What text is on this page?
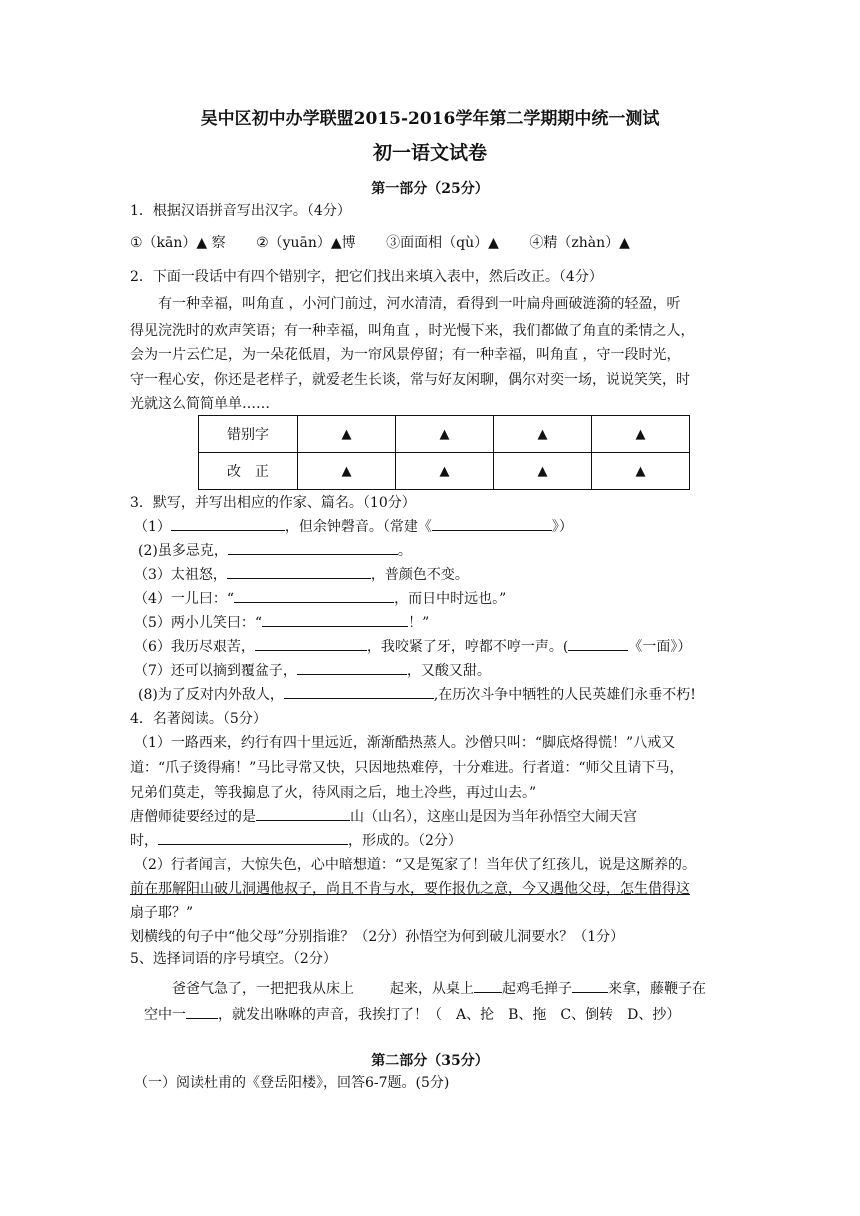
吴中区初中办学联盟2015-2016学年第二学期期中统一测试
初一语文试卷
第一部分（25分）
1．根据汉语拼音写出汉字。（4分）
①（kān）▲ 察 ②（yuān）▲博 ③面面相（qù）▲ ④精（zhàn）▲
2．下面一段话中有四个错别字，把它们找出来填入表中，然后改正。（4分）
有一种幸福，叫角直 ，小河门前过，河水清清，看得到一叶扁舟画破涟漪的轻盈，听
得见浣洗时的欢声笑语；有一种幸福，叫角直 ，时光慢下来，我们都做了角直的柔情之人，
会为一片云伫足，为一朵花低眉，为一帘风景停留；有一种幸福，叫角直 ，守一段时光，
守一程心安，你还是老样子，就爱老生长谈，常与好友闲聊，偶尔对奕一场，说说笑笑，时
光就这么简简单单……
错别字	▲	▲	▲	▲
改　正	▲	▲	▲	▲
3．默写，并写出相应的作家、篇名。（10分）
（1）	，但余钟磬音。（常建《	》）
(2)虽多忌克，	。
（3）太祖怒，	，普颜色不变。
（4）一儿曰：“	，而日中时远也。”
（5）两小儿笑曰：“	！”
（6）我历尽艰苦，	，我咬紧了牙，哼都不哼一声。(	《一面》）
（7）还可以摘到覆盆子，	，又酸又甜。
(8)为了反对内外敌人，	,在历次斗争中牺牲的人民英雄们永垂不朽!
4．名著阅读。（5分）
（1）一路西来，约行有四十里远近，渐渐酷热蒸人。沙僧只叫：“脚底烙得慌！”八戒又
道：“爪子烫得痛！”马比寻常又快，只因地热难停，十分难进。行者道：“师父且请下马，
兄弟们莫走，等我搧息了火，待风雨之后，地土冷些，再过山去。”
唐僧师徒要经过的是	山（山名），这座山是因为当年孙悟空大闹天宫
时，	，形成的。（2分）
（2）行者闻言，大惊失色，心中暗想道：“又是冤家了！当年伏了红孩儿，说是这厮养的。
前在那解阳山破儿洞遇他叔子，尚且不肯与水，要作报仇之意，今又遇他父母，怎生借得这
扇子耶？”
划横线的句子中“他父母”分别指谁？（2分）孙悟空为何到破儿洞要水？（1分）
5、选择词语的序号填空。（2分）
爸爸气急了，一把把我从床上	起来，从桌上 起鸡毛掸子	来拿，藤鞭子在
空中一 ，就发出咻咻的声音，我挨打了！（　A、抡　B、拖　C、倒转　D、抄）
第二部分（35分）
（一）阅读杜甫的《登岳阳楼》，回答6-7题。(5分)
